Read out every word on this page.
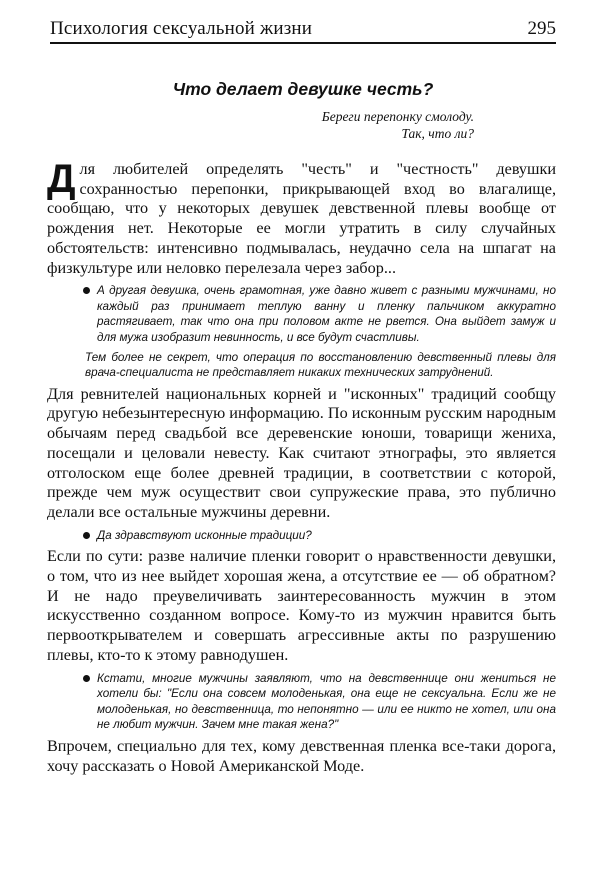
Психология сексуальной жизни	295
Что делает девушке честь?
Береги перепонку смолоду.
Так, что ли?

Для любителей определять "честь" и "честность" девушки сохранностью перепонки, прикрывающей вход во влагалище, сообщаю, что у некоторых девушек девственной плевы вообще от рождения нет. Некоторые ее могли утратить в силу случайных обстоятельств: интенсивно подмывалась, неудачно села на шпагат на физкультуре или неловко перелезала через забор...

А другая девушка, очень грамотная, уже давно живет с разными мужчинами, но каждый раз принимает теплую ванну и пленку пальчиком аккуратно растягивает, так что она при половом акте не рвется. Она выйдет замуж и для мужа изобразит невинность, и все будут счастливы.

Тем более не секрет, что операция по восстановлению девственный плевы для врача-специалиста не представляет никаких технических затруднений.

Для ревнителей национальных корней и "исконных" традиций сообщу другую небезынтересную информацию. По исконным русским народным обычаям перед свадьбой все деревенские юноши, товарищи жениха, посещали и целовали невесту. Как считают этнографы, это является отголоском еще более древней традиции, в соответствии с которой, прежде чем муж осуществит свои супружеские права, это публично делали все остальные мужчины деревни.

Да здравствуют исконные традиции?

Если по сути: разве наличие пленки говорит о нравственности девушки, о том, что из нее выйдет хорошая жена, а отсутствие ее — об обратном? И не надо преувеличивать заинтересованность мужчин в этом искусственно созданном вопросе. Кому-то из мужчин нравится быть первооткрывателем и совершать агрессивные акты по разрушению плевы, кто-то к этому равнодушен.

Кстати, многие мужчины заявляют, что на девственнице они жениться не хотели бы: "Если она совсем молоденькая, она еще не сексуальна. Если же не молоденькая, но девственница, то непонятно — или ее никто не хотел, или она не любит мужчин. Зачем мне такая жена?"

Впрочем, специально для тех, кому девственная пленка все-таки дорога, хочу рассказать о Новой Американской Моде.
